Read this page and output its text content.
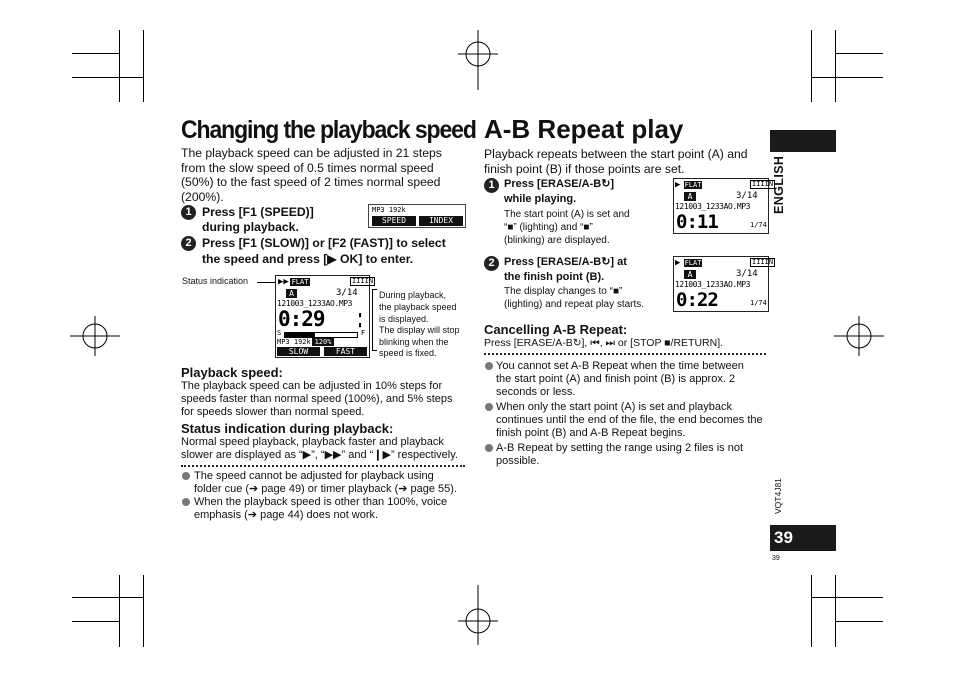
Changing the playback speed
The playback speed can be adjusted in 21 steps
from the slow speed of 0.5 times normal speed
(50%) to the fast speed of 2 times normal speed
(200%).
1 Press [F1 (SPEED)]
during playback.
MP3 192k
SPEED	INDEX
2 Press [F1 (SLOW)] or [F2 (FAST)] to select
the speed and press [▶ OK] to enter.
Status indication	▶▶ FLAT	IIIIN
A	3/14
121003_1233AO.MP3
0:29	▮
▮
S	F
MP3 192k 120%
SLOW	FAST
During playback,
the playback speed
is displayed.
The display will stop
blinking when the
speed is fixed.
Playback speed:
The playback speed can be adjusted in 10% steps for
speeds faster than normal speed (100%), and 5% steps
for speeds slower than normal speed.
Status indication during playback:
Normal speed playback, playback faster and playback
slower are displayed as “▶”, “▶▶” and “❙▶” respectively.
The speed cannot be adjusted for playback using
folder cue (➔ page 49) or timer playback (➔ page 55).
When the playback speed is other than 100%, voice
emphasis (➔ page 44) does not work.
A-B Repeat play
Playback repeats between the start point (A) and
finish point (B) if those points are set.
1 Press [ERASE/A-B↻]
while playing.
The start point (A) is set and
“■” (lighting) and “■”
(blinking) are displayed.
▶ FLAT	IIIIN
A	3/14
121003_1233AO.MP3
0:11	1/74
2 Press [ERASE/A-B↻] at
the finish point (B).
The display changes to “■”
(lighting) and repeat play starts.
▶ FLAT	IIIIN
A	3/14
121003_1233AO.MP3
0:22	1/74
Cancelling A-B Repeat:
Press [ERASE/A-B↻], ⏮, ⏭ or [STOP ■/RETURN].
You cannot set A-B Repeat when the time between
the start point (A) and finish point (B) is approx. 2
seconds or less.
When only the start point (A) is set and playback
continues until the end of the file, the end becomes the
finish point (B) and A-B Repeat begins.
A-B Repeat by setting the range using 2 files is not
possible.
ENGLISH
VQT4J81
39
39
